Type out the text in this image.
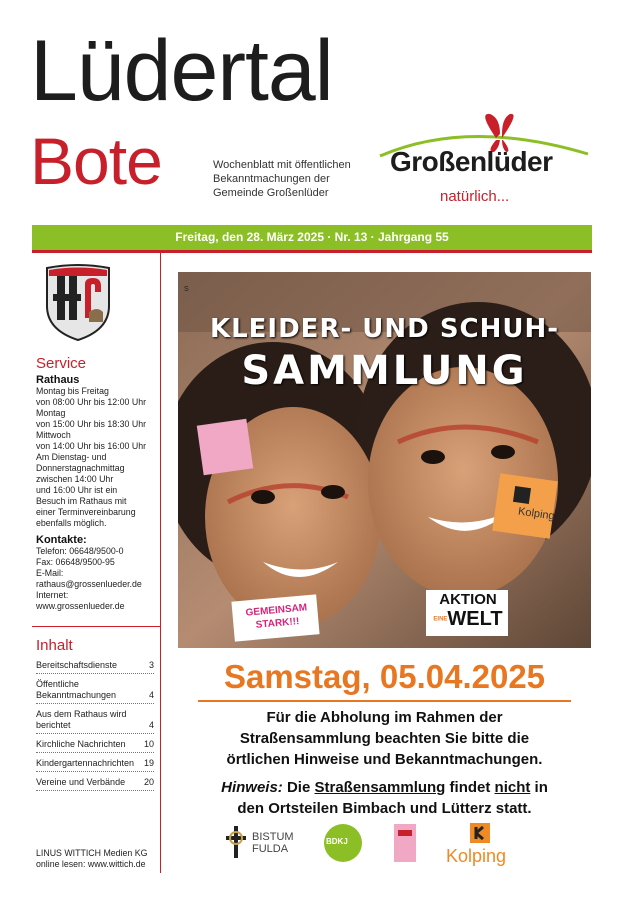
Lüdertal
Bote	Wochenblatt mit öffentlichen
Bekanntmachungen der
Gemeinde Großenlüder
Großenlüder
natürlich...
Freitag, den 28. März 2025 · Nr. 13 · Jahrgang 55
Service
Rathaus
Montag bis Freitag
von 08:00 Uhr bis 12:00 Uhr
Montag
von 15:00 Uhr bis 18:30 Uhr
Mittwoch
von 14:00 Uhr bis 16:00 Uhr
Am Dienstag- und
Donnerstagnachmittag
zwischen 14:00 Uhr
und 16:00 Uhr ist ein
Besuch im Rathaus mit
einer Terminvereinbarung
ebenfalls möglich.
Kontakte:
Telefon: 06648/9500-0
Fax: 06648/9500-95
E-Mail:
rathaus@grossenlueder.de
Internet:
www.grossenlueder.de
Inhalt
Bereitschaftsdienste	3
Öffentliche Bekanntmachungen	4
Aus dem Rathaus wird berichtet	4
Kirchliche Nachrichten 10
Kindergartennachrichten 19
Vereine und Verbände 20
LINUS WITTICH Medien KG
online lesen: www.wittich.de
S
KLEIDER- UND SCHUH-
SAMMLUNG
Kolping
GEMEINSAM
STARK!!!
AKTION
EINEWELT
Samstag, 05.04.2025
Für die Abholung im Rahmen der
Straßensammlung beachten Sie bitte die
örtlichen Hinweise und Bekanntmachungen.
Hinweis: Die Straßensammlung findet nicht in
den Ortsteilen Bimbach und Lütterz statt.
BISTUM
FULDA
BDKJ
Kolping
